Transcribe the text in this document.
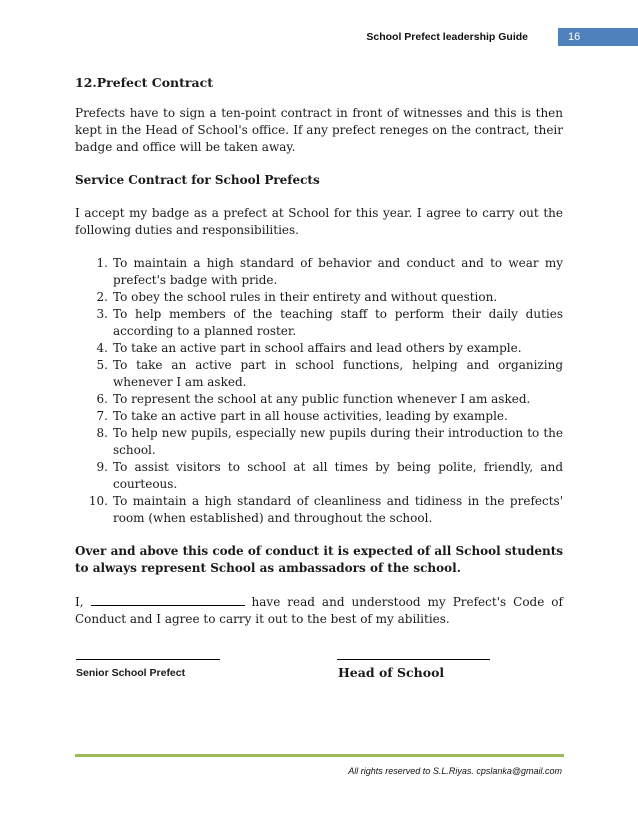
School Prefect leadership Guide	16
12.Prefect Contract

Prefects have to sign a ten-point contract in front of witnesses and this is then kept in the Head of School's office. If any prefect reneges on the contract, their badge and office will be taken away.

Service Contract for School Prefects

I accept my badge as a prefect at School for this year. I agree to carry out the following duties and responsibilities.

1. To maintain a high standard of behavior and conduct and to wear my prefect's badge with pride.
2. To obey the school rules in their entirety and without question.
3. To help members of the teaching staff to perform their daily duties according to a planned roster.
4. To take an active part in school affairs and lead others by example.
5. To take an active part in school functions, helping and organizing whenever I am asked.
6. To represent the school at any public function whenever I am asked.
7. To take an active part in all house activities, leading by example.
8. To help new pupils, especially new pupils during their introduction to the school.
9. To assist visitors to school at all times by being polite, friendly, and courteous.
10. To maintain a high standard of cleanliness and tidiness in the prefects' room (when established) and throughout the school.

Over and above this code of conduct it is expected of all School students to always represent School as ambassadors of the school.

I,	have read and understood my Prefect's Code of Conduct and I agree to carry it out to the best of my abilities.

Senior School Prefect	Head of School
All rights reserved to S.L.Riyas. cpslanka@gmail.com
